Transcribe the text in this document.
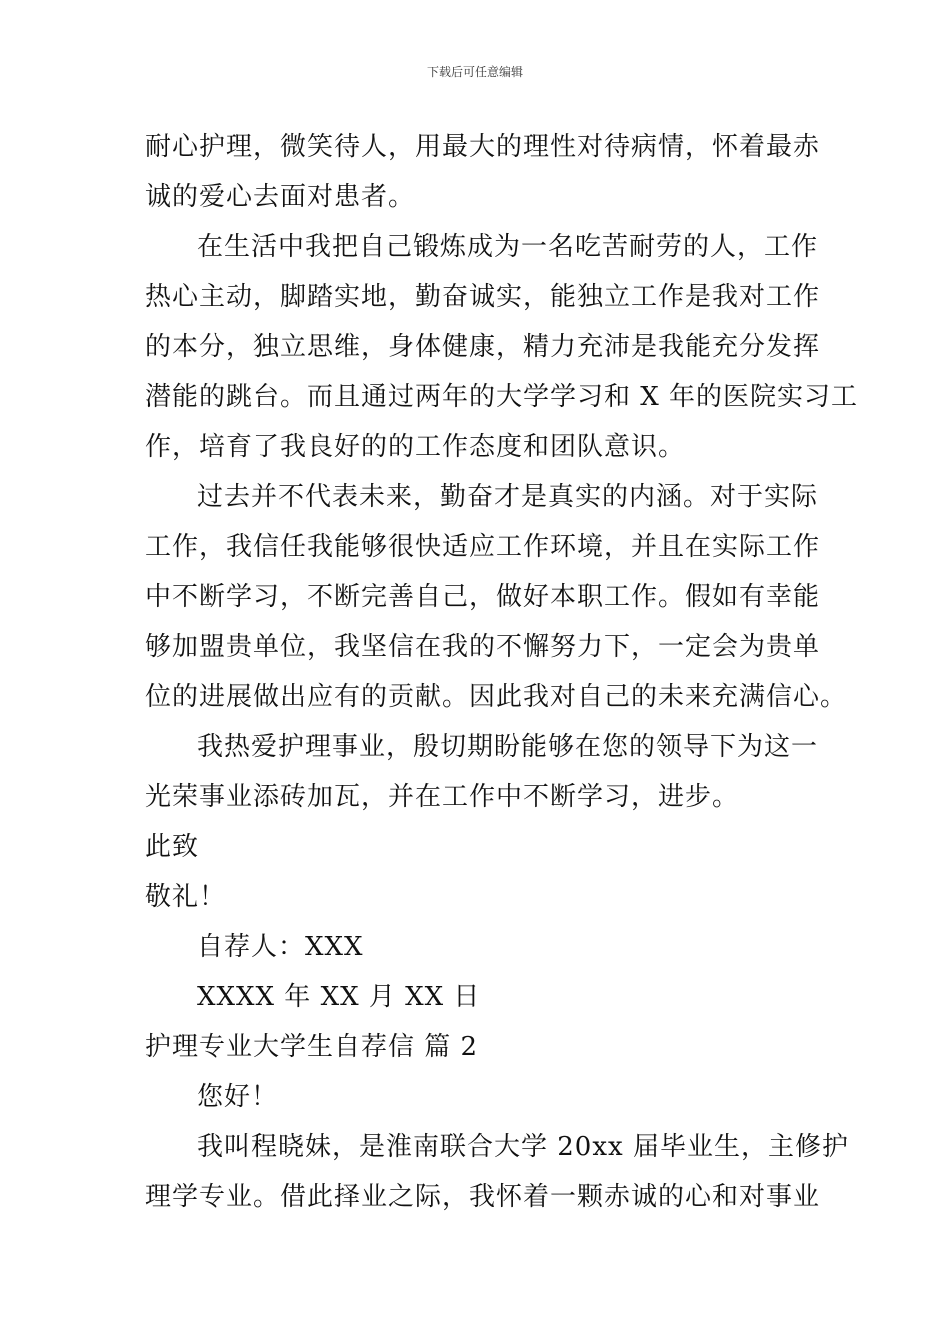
下载后可任意编辑
耐心护理，微笑待人，用最大的理性对待病情，怀着最赤
诚的爱心去面对患者。
在生活中我把自己锻炼成为一名吃苦耐劳的人，工作
热心主动，脚踏实地，勤奋诚实，能独立工作是我对工作
的本分，独立思维，身体健康，精力充沛是我能充分发挥
潜能的跳台。而且通过两年的大学学习和 X 年的医院实习工
作，培育了我良好的的工作态度和团队意识。
过去并不代表未来，勤奋才是真实的内涵。对于实际
工作，我信任我能够很快适应工作环境，并且在实际工作
中不断学习，不断完善自己，做好本职工作。假如有幸能
够加盟贵单位，我坚信在我的不懈努力下，一定会为贵单
位的进展做出应有的贡献。因此我对自己的未来充满信心。
我热爱护理事业，殷切期盼能够在您的领导下为这一
光荣事业添砖加瓦，并在工作中不断学习，进步。
此致
敬礼！
自荐人：XXX
XXXX 年 XX 月 XX 日
护理专业大学生自荐信 篇 2
您好！
我叫程晓妹，是淮南联合大学 20xx 届毕业生，主修护
理学专业。借此择业之际，我怀着一颗赤诚的心和对事业
